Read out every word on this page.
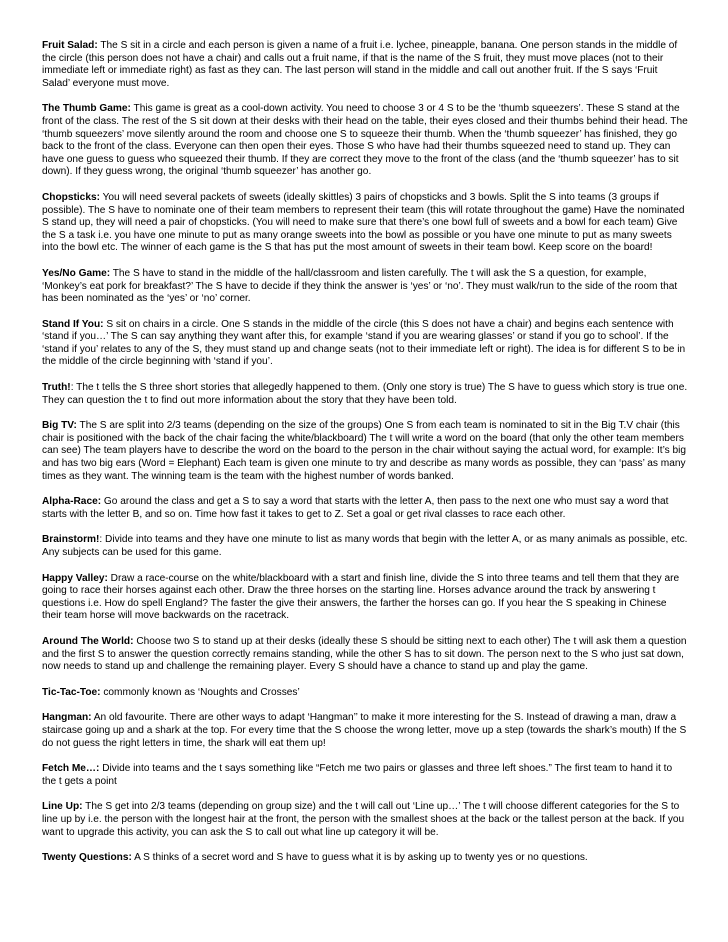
Fruit Salad: The S sit in a circle and each person is given a name of a fruit i.e. lychee, pineapple, banana. One person stands in the middle of the circle (this person does not have a chair) and calls out a fruit name, if that is the name of the S fruit, they must move places (not to their immediate left or immediate right) as fast as they can. The last person will stand in the middle and call out another fruit. If the S says ‘Fruit Salad’ everyone must move.

The Thumb Game: This game is great as a cool-down activity. You need to choose 3 or 4 S to be the ‘thumb squeezers’. These S stand at the front of the class. The rest of the S sit down at their desks with their head on the table, their eyes closed and their thumbs behind their head. The ‘thumb squeezers’ move silently around the room and choose one S to squeeze their thumb. When the ‘thumb squeezer’ has finished, they go back to the front of the class. Everyone can then open their eyes. Those S who have had their thumbs squeezed need to stand up. They can have one guess to guess who squeezed their thumb. If they are correct they move to the front of the class (and the ‘thumb squeezer’ has to sit down). If they guess wrong, the original ‘thumb squeezer’ has another go.

Chopsticks: You will need several packets of sweets (ideally skittles) 3 pairs of chopsticks and 3 bowls. Split the S into teams (3 groups if possible). The S have to nominate one of their team members to represent their team (this will rotate throughout the game) Have the nominated S stand up, they will need a pair of chopsticks. (You will need to make sure that there’s one bowl full of sweets and a bowl for each team) Give the S a task i.e. you have one minute to put as many orange sweets into the bowl as possible or you have one minute to put as many sweets into the bowl etc. The winner of each game is the S that has put the most amount of sweets in their team bowl. Keep score on the board!

Yes/No Game: The S have to stand in the middle of the hall/classroom and listen carefully. The t will ask the S a question, for example, ‘Monkey’s eat pork for breakfast?’ The S have to decide if they think the answer is ‘yes’ or ‘no’. They must walk/run to the side of the room that has been nominated as the ‘yes’ or ‘no’ corner.

Stand If You: S sit on chairs in a circle. One S stands in the middle of the circle (this S does not have a chair) and begins each sentence with ‘stand if you…’ The S can say anything they want after this, for example ‘stand if you are wearing glasses’ or stand if you go to school’. If the ‘stand if you’ relates to any of the S, they must stand up and change seats (not to their immediate left or right). The idea is for different S to be in the middle of the circle beginning with ‘stand if you’.

Truth!: The t tells the S three short stories that allegedly happened to them. (Only one story is true) The S have to guess which story is true one. They can question the t to find out more information about the story that they have been told.

Big TV: The S are split into 2/3 teams (depending on the size of the groups) One S from each team is nominated to sit in the Big T.V chair (this chair is positioned with the back of the chair facing the white/blackboard) The t will write a word on the board (that only the other team members can see) The team players have to describe the word on the board to the person in the chair without saying the actual word, for example: It’s big and has two big ears (Word = Elephant) Each team is given one minute to try and describe as many words as possible, they can ‘pass’ as many times as they want. The winning team is the team with the highest number of words banked.

Alpha-Race: Go around the class and get a S to say a word that starts with the letter A, then pass to the next one who must say a word that starts with the letter B, and so on. Time how fast it takes to get to Z. Set a goal or get rival classes to race each other.

Brainstorm!: Divide into teams and they have one minute to list as many words that begin with the letter A, or as many animals as possible, etc. Any subjects can be used for this game.

Happy Valley: Draw a race-course on the white/blackboard with a start and finish line, divide the S into three teams and tell them that they are going to race their horses against each other. Draw the three horses on the starting line. Horses advance around the track by answering t questions i.e. How do spell England? The faster the give their answers, the farther the horses can go. If you hear the S speaking in Chinese their team horse will move backwards on the racetrack.

Around The World: Choose two S to stand up at their desks (ideally these S should be sitting next to each other) The t will ask them a question and the first S to answer the question correctly remains standing, while the other S has to sit down. The person next to the S who just sat down, now needs to stand up and challenge the remaining player. Every S should have a chance to stand up and play the game.

Tic-Tac-Toe: commonly known as ‘Noughts and Crosses’

Hangman: An old favourite. There are other ways to adapt ‘Hangman’’ to make it more interesting for the S. Instead of drawing a man, draw a staircase going up and a shark at the top. For every time that the S choose the wrong letter, move up a step (towards the shark’s mouth) If the S do not guess the right letters in time, the shark will eat them up!

Fetch Me…: Divide into teams and the t says something like “Fetch me two pairs or glasses and three left shoes.” The first team to hand it to the t gets a point

Line Up: The S get into 2/3 teams (depending on group size) and the t will call out ‘Line up…’ The t will choose different categories for the S to line up by i.e. the person with the longest hair at the front, the person with the smallest shoes at the back or the tallest person at the back. If you want to upgrade this activity, you can ask the S to call out what line up category it will be.

Twenty Questions: A S thinks of a secret word and S have to guess what it is by asking up to twenty yes or no questions.
